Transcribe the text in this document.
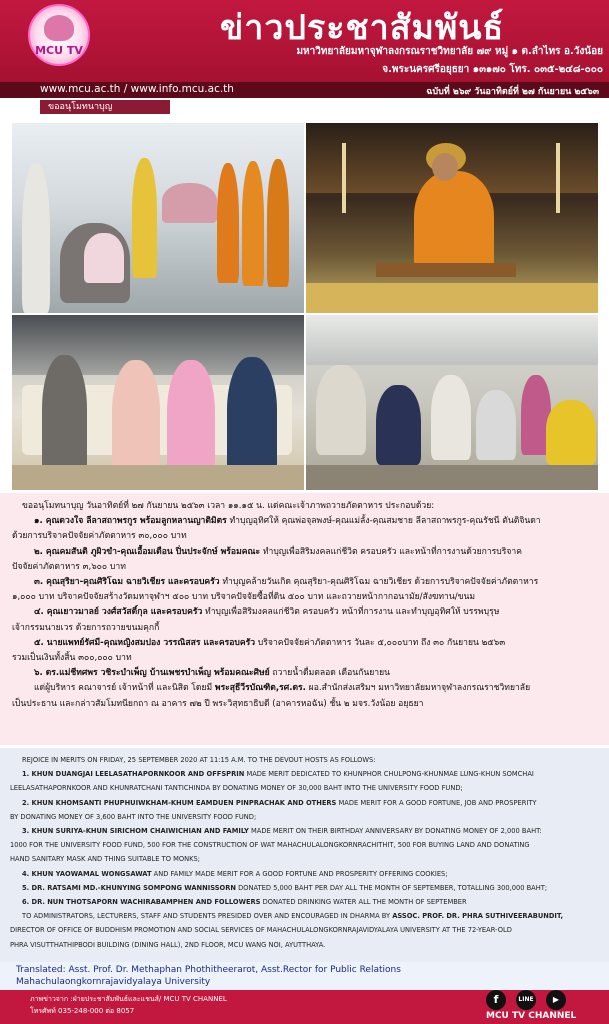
MCU TV
ข่าวประชาสัมพันธ์
มหาวิทยาลัยมหาจุฬาลงกรณราชวิทยาลัย ๗๙ หมู่ ๑ ต.ลำไทร อ.วังน้อย
จ.พระนครศรีอยุธยา ๑๓๑๗๐ โทร. ๐๓๕-๒๔๘-๐๐๐
www.mcu.ac.th / www.info.mcu.ac.th	ฉบับที่ ๒๖๙ วันอาทิตย์ที่ ๒๗ กันยายน ๒๕๖๓
ขออนุโมทนาบุญ

ขออนุโมทนาบุญ วันอาทิตย์ที่ ๒๗ กันยายน ๒๕๖๓ เวลา ๑๑.๑๕ น. แด่คณะเจ้าภาพถวายภัตตาหาร ประกอบด้วย:

๑. คุณดวงใจ ลีลาสถาพรกูร พร้อมลูกหลานญาติมิตร ทำบุญอุทิศให้ คุณพ่อจุลพงษ์-คุณแม่ลั้ง-คุณสมชาย ลีลาสถาพรกูร-คุณรัชนี ตันติจินดา

ด้วยการบริจาคปัจจัยค่าภัตตาหาร ๓๐,๐๐๐ บาท

๒. คุณคมสันติ ภูผิวขำ-คุณเอื้อมเดือน ปิ่นประจักษ์ พร้อมคณะ ทำบุญเพื่อสิริมงคลแก่ชีวิต ครอบครัว และหน้าที่การงานด้วยการบริจาค

ปัจจัยค่าภัตตาหาร ๓,๖๐๐ บาท

๓. คุณสุริยา-คุณศิริโฉม ฉายวิเชียร และครอบครัว ทำบุญคล้ายวันเกิด คุณสุริยา-คุณศิริโฉม ฉายวิเชียร ด้วยการบริจาคปัจจัยค่าภัตตาหาร

๑,๐๐๐ บาท บริจาคปัจจัยสร้างวัดมหาจุฬาฯ ๕๐๐ บาท บริจาคปัจจัยซื้อที่ดิน ๕๐๐ บาท และถวายหน้ากากอนามัย/สังฆทาน/ขนม

๔. คุณเยาวมาลย์ วงศ์สวัสดิ์กุล และครอบครัว ทำบุญเพื่อสิริมงคลแก่ชีวิต ครอบครัว หน้าที่การงาน และทำบุญอุทิศให้ บรรพบุรุษ

เจ้ากรรมนายเวร ด้วยการถวายขนมคุกกี้

๕. นายแพทย์รัศมี-คุณหญิงสมปอง วรรณิสสร และครอบครัว บริจาคปัจจัยค่าภัตตาหาร วันละ ๕,๐๐๐บาท ถึง ๓๐ กันยายน ๒๕๖๓

รวมเป็นเงินทั้งสิ้น ๓๐๐,๐๐๐ บาท

๖. ดร.แม่ชีทศพร วชิระบำเพ็ญ บ้านเพชรบำเพ็ญ พร้อมคณะศิษย์ ถวายน้ำดื่มตลอด เดือนกันยายน

แด่ผู้บริหาร คณาจารย์ เจ้าหน้าที่ และนิสิต โดยมี พระสุธีวีรบัณฑิต,รศ.ดร. ผอ.สำนักส่งเสริมฯ มหาวิทยาลัยมหาจุฬาลงกรณราชวิทยาลัย

เป็นประธาน และกล่าวสัมโมทนียกถา ณ อาคาร ๗๒ ปี พระวิสุทธาธิบดี (อาคารหอฉัน) ชั้น ๒ มจร.วังน้อย อยุธยา

REJOICE IN MERITS ON FRIDAY, 25 SEPTEMBER 2020 AT 11:15 A.M. TO THE DEVOUT HOSTS AS FOLLOWS:

1. KHUN DUANGJAI LEELASATHAPORNKOOR AND OFFSPRIN MADE MERIT DEDICATED TO KHUNPHOR CHULPONG-KHUNMAE LUNG-KHUN SOMCHAI

LEELASATHAPORNKOOR AND KHUNRATCHANI TANTICHINDA BY DONATING MONEY OF 30,000 BAHT INTO THE UNIVERSITY FOOD FUND;

2. KHUN KHOMSANTI PHUPHUIWKHAM-KHUM EAMDUEN PINPRACHAK AND OTHERS MADE MERIT FOR A GOOD FORTUNE, JOB AND PROSPERITY

BY DONATING MONEY OF 3,600 BAHT INTO THE UNIVERSITY FOOD FUND;

3. KHUN SURIYA-KHUN SIRICHOM CHAIWICHIAN AND FAMILY MADE MERIT ON THEIR BIRTHDAY ANNIVERSARY BY DONATING MONEY OF 2,000 BAHT:

1000 FOR THE UNIVERSITY FOOD FUND, 500 FOR THE CONSTRUCTION OF WAT MAHACHULALONGKORNRACHITHIT, 500 FOR BUYING LAND AND DONATING

HAND SANITARY MASK AND THING SUITABLE TO MONKS;

4. KHUN YAOWAMAL WONGSAWAT AND FAMILY MADE MERIT FOR A GOOD FORTUNE AND PROSPERITY OFFERING COOKIES;

5. DR. RATSAMI MD.-KHUNYING SOMPONG WANNISSORN DONATED 5,000 BAHT PER DAY ALL THE MONTH OF SEPTEMBER, TOTALLING 300,000 BAHT;

6. DR. NUN THOTSAPORN WACHIRABAMPHEN AND FOLLOWERS DONATED DRINKING WATER ALL THE MONTH OF SEPTEMBER

TO ADMINISTRATORS, LECTURERS, STAFF AND STUDENTS PRESIDED OVER AND ENCOURAGED IN DHARMA BY ASSOC. PROF. DR. PHRA SUTHIVEERABUNDIT,

DIRECTOR OF OFFICE OF BUDDHISM PROMOTION AND SOCIAL SERVICES OF MAHACHULALONGKORNRAJAVIDYALAYA UNIVERSITY AT THE 72-YEAR-OLD

PHRA VISUTTHATHIPBODI BUILDING (DINING HALL), 2ND FLOOR, MCU WANG NOI, AYUTTHAYA.

Translated: Asst. Prof. Dr. Methaphan Phothitheerarot, Asst.Rector for Public Relations
Mahachulaongkornrajavidyalaya University
ภาพข่าวจาก :ฝ่ายประชาสัมพันธ์และแชนส์/ MCU TV CHANNEL
โทรศัพท์ 035-248-000 ต่อ 8057
f	LINE	▶
MCU TV CHANNEL
